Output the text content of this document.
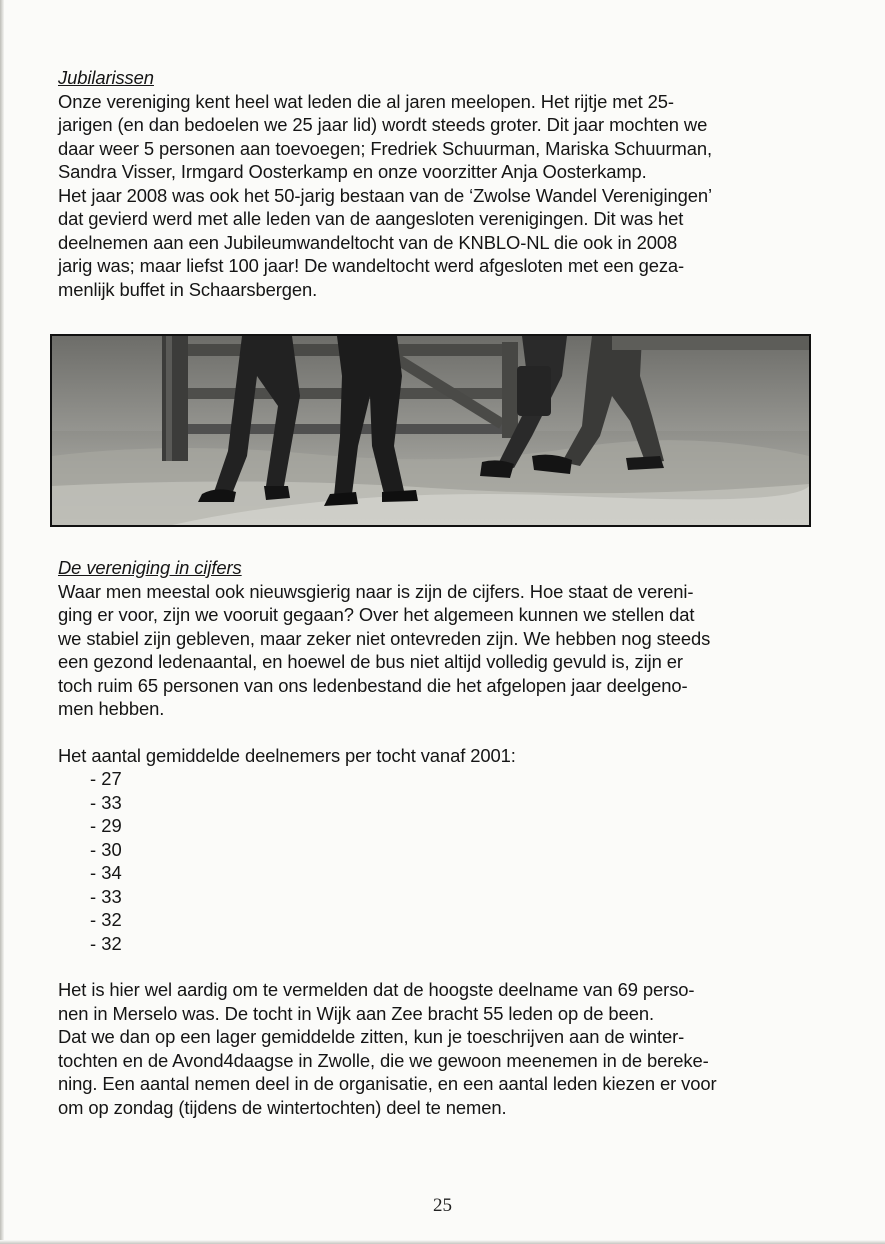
Jubilarissen
Onze vereniging kent heel wat leden die al jaren meelopen. Het rijtje met 25-
jarigen (en dan bedoelen we 25 jaar lid) wordt steeds groter. Dit jaar mochten we
daar weer 5 personen aan toevoegen; Fredriek Schuurman, Mariska Schuurman,
Sandra Visser, Irmgard Oosterkamp en onze voorzitter Anja Oosterkamp.
Het jaar 2008 was ook het 50-jarig bestaan van de ‘Zwolse Wandel Verenigingen’
dat gevierd werd met alle leden van de aangesloten verenigingen. Dit was het
deelnemen aan een Jubileumwandeltocht van de KNBLO-NL die ook in 2008
jarig was; maar liefst 100 jaar! De wandeltocht werd afgesloten met een geza-
menlijk buffet in Schaarsbergen.
De vereniging in cijfers
Waar men meestal ook nieuwsgierig naar is zijn de cijfers. Hoe staat de vereni-
ging er voor, zijn we vooruit gegaan? Over het algemeen kunnen we stellen dat
we stabiel zijn gebleven, maar zeker niet ontevreden zijn. We hebben nog steeds
een gezond ledenaantal, en hoewel de bus niet altijd volledig gevuld is, zijn er
toch ruim 65 personen van ons ledenbestand die het afgelopen jaar deelgeno-
men hebben.
Het aantal gemiddelde deelnemers per tocht vanaf 2001:
- 27
- 33
- 29
- 30
- 34
- 33
- 32
- 32
Het is hier wel aardig om te vermelden dat de hoogste deelname van 69 perso-
nen in Merselo was. De tocht in Wijk aan Zee bracht 55 leden op de been.
Dat we dan op een lager gemiddelde zitten, kun je toeschrijven aan de winter-
tochten en de Avond4daagse in Zwolle, die we gewoon meenemen in de bereke-
ning. Een aantal nemen deel in de organisatie, en een aantal leden kiezen er voor
om op zondag (tijdens de wintertochten) deel te nemen.
25
